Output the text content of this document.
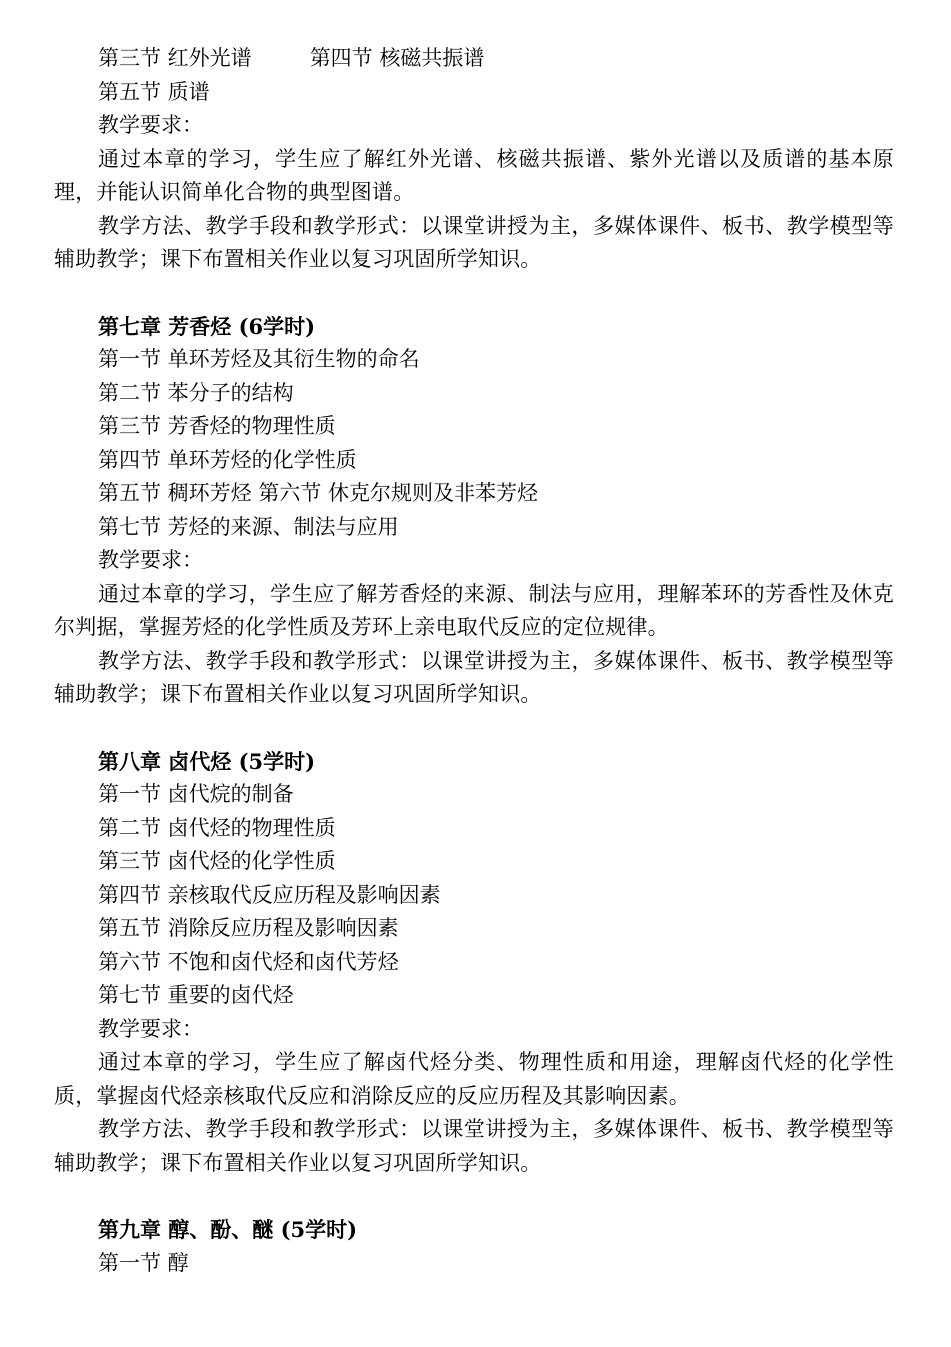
第三节 红外光谱	第四节 核磁共振谱
第五节 质谱
教学要求：
通过本章的学习，学生应了解红外光谱、核磁共振谱、紫外光谱以及质谱的基本原理，并能认识简单化合物的典型图谱。
教学方法、教学手段和教学形式：以课堂讲授为主，多媒体课件、板书、教学模型等辅助教学；课下布置相关作业以复习巩固所学知识。
第七章 芳香烃 (6学时)
第一节 单环芳烃及其衍生物的命名
第二节 苯分子的结构
第三节 芳香烃的物理性质
第四节 单环芳烃的化学性质
第五节 稠环芳烃 第六节 休克尔规则及非苯芳烃
第七节 芳烃的来源、制法与应用
教学要求：
通过本章的学习，学生应了解芳香烃的来源、制法与应用，理解苯环的芳香性及休克尔判据，掌握芳烃的化学性质及芳环上亲电取代反应的定位规律。
教学方法、教学手段和教学形式：以课堂讲授为主，多媒体课件、板书、教学模型等辅助教学；课下布置相关作业以复习巩固所学知识。
第八章 卤代烃 (5学时)
第一节 卤代烷的制备
第二节 卤代烃的物理性质
第三节 卤代烃的化学性质
第四节 亲核取代反应历程及影响因素
第五节 消除反应历程及影响因素
第六节 不饱和卤代烃和卤代芳烃
第七节 重要的卤代烃
教学要求：
通过本章的学习，学生应了解卤代烃分类、物理性质和用途，理解卤代烃的化学性质，掌握卤代烃亲核取代反应和消除反应的反应历程及其影响因素。
教学方法、教学手段和教学形式：以课堂讲授为主，多媒体课件、板书、教学模型等辅助教学；课下布置相关作业以复习巩固所学知识。
第九章 醇、酚、醚 (5学时)
第一节 醇
